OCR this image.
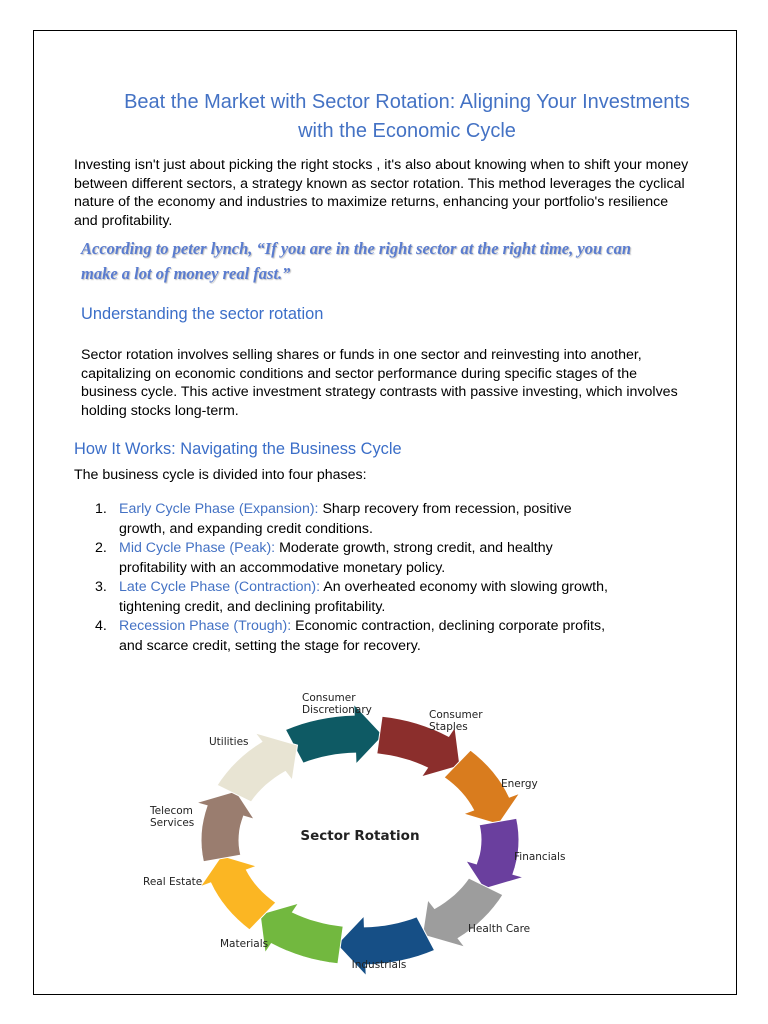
Beat the Market with Sector Rotation: Aligning Your Investments
with the Economic Cycle

Investing isn't just about picking the right stocks , it's also about knowing when to shift your money
between different sectors, a strategy known as sector rotation. This method leverages the cyclical
nature of the economy and industries to maximize returns, enhancing your portfolio's resilience
and profitability.

According to peter lynch, “If you are in the right sector at the right time, you can
make a lot of money real fast.”

Understanding the sector rotation

Sector rotation involves selling shares or funds in one sector and reinvesting into another,
capitalizing on economic conditions and sector performance during specific stages of the
business cycle. This active investment strategy contrasts with passive investing, which involves
holding stocks long-term.

How It Works: Navigating the Business Cycle

The business cycle is divided into four phases:

1. Early Cycle Phase (Expansion): Sharp recovery from recession, positive
growth, and expanding credit conditions.
2. Mid Cycle Phase (Peak): Moderate growth, strong credit, and healthy
profitability with an accommodative monetary policy.
3. Late Cycle Phase (Contraction): An overheated economy with slowing growth,
tightening credit, and declining profitability.
4. Recession Phase (Trough): Economic contraction, declining corporate profits,
and scarce credit, setting the stage for recovery.
Sector Rotation
Consumer Discretionary	Consumer Staples
Energy
Financials
Health Care
Industrials
Materials
Real Estate
Telecom Services
Utilities
